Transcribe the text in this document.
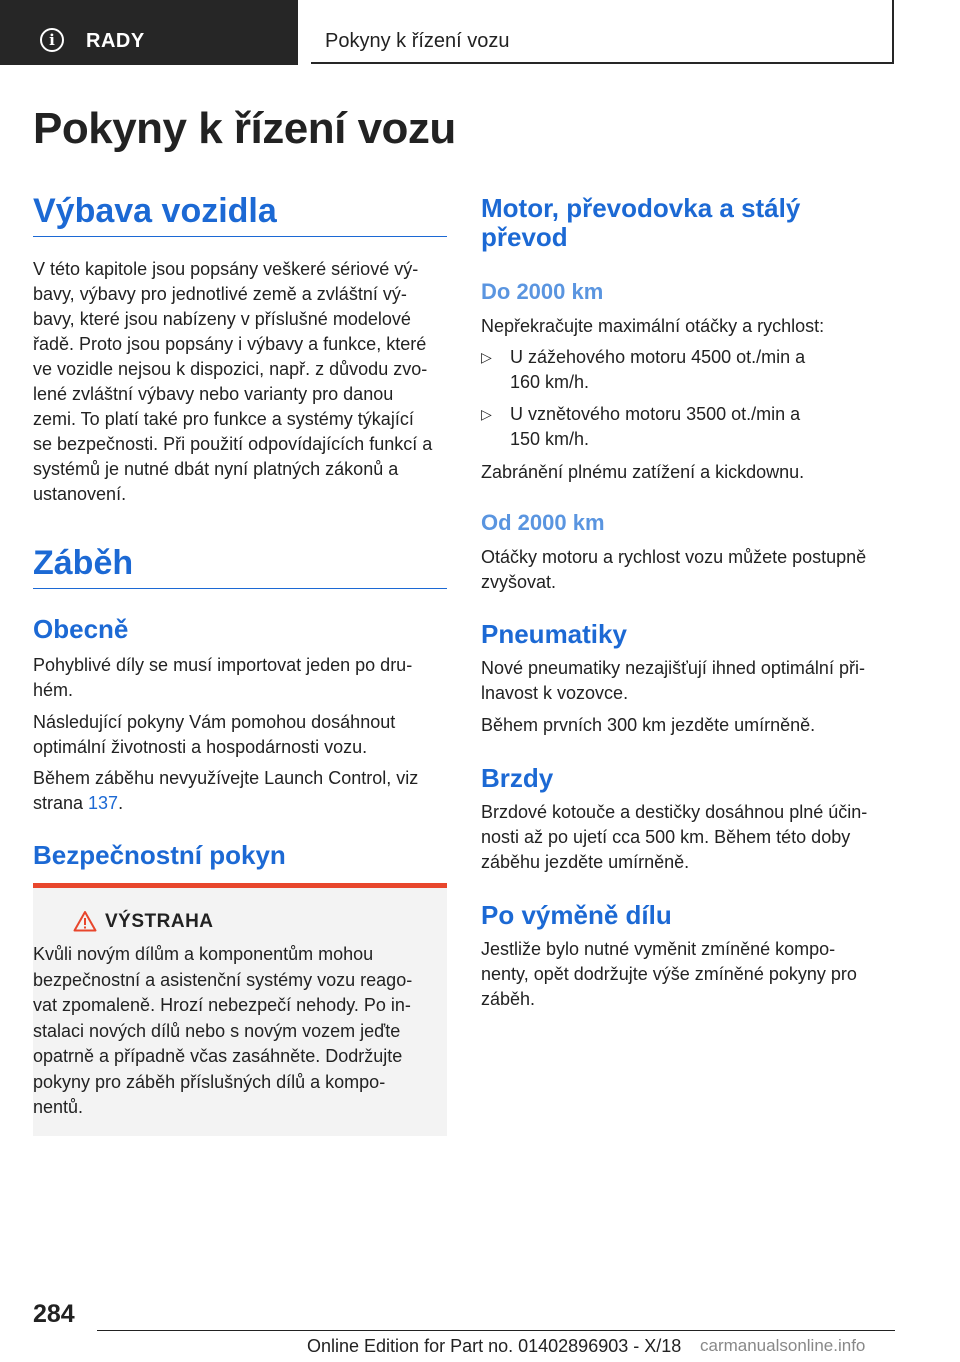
i	RADY	Pokyny k řízení vozu
Pokyny k řízení vozu
Výbava vozidla
V této kapitole jsou popsány veškeré sériové vý‐
bavy, výbavy pro jednotlivé země a zvláštní vý‐
bavy, které jsou nabízeny v příslušné modelové
řadě. Proto jsou popsány i výbavy a funkce, které
ve vozidle nejsou k dispozici, např. z důvodu zvo‐
lené zvláštní výbavy nebo varianty pro danou
zemi. To platí také pro funkce a systémy týkající
se bezpečnosti. Při použití odpovídajících funkcí a
systémů je nutné dbát nyní platných zákonů a
ustanovení.
Záběh
Obecně
Pohyblivé díly se musí importovat jeden po dru‐
hém.
Následující pokyny Vám pomohou dosáhnout
optimální životnosti a hospodárnosti vozu.
Během záběhu nevyužívejte Launch Control, viz
strana 137.
Bezpečnostní pokyn
VÝSTRAHA
Kvůli novým dílům a komponentům mohou
bezpečnostní a asistenční systémy vozu reago‐
vat zpomaleně. Hrozí nebezpečí nehody. Po in‐
stalaci nových dílů nebo s novým vozem jeďte
opatrně a případně včas zasáhněte. Dodržujte
pokyny pro záběh příslušných dílů a kompo‐
nentů.
Motor, převodovka a stálý
převod
Do 2000 km
Nepřekračujte maximální otáčky a rychlost:
▷ U zážehového motoru 4500 ot./min a
160 km/h.
▷ U vznětového motoru 3500 ot./min a
150 km/h.
Zabránění plnému zatížení a kickdownu.
Od 2000 km
Otáčky motoru a rychlost vozu můžete postupně
zvyšovat.
Pneumatiky
Nové pneumatiky nezajišťují ihned optimální při‐
lnavost k vozovce.
Během prvních 300 km jezděte umírněně.
Brzdy
Brzdové kotouče a destičky dosáhnou plné účin‐
nosti až po ujetí cca 500 km. Během této doby
záběhu jezděte umírněně.
Po výměně dílu
Jestliže bylo nutné vyměnit zmíněné kompo‐
nenty, opět dodržujte výše zmíněné pokyny pro
záběh.
284
Online Edition for Part no. 01402896903 - X/18 carmanualsonline.info
